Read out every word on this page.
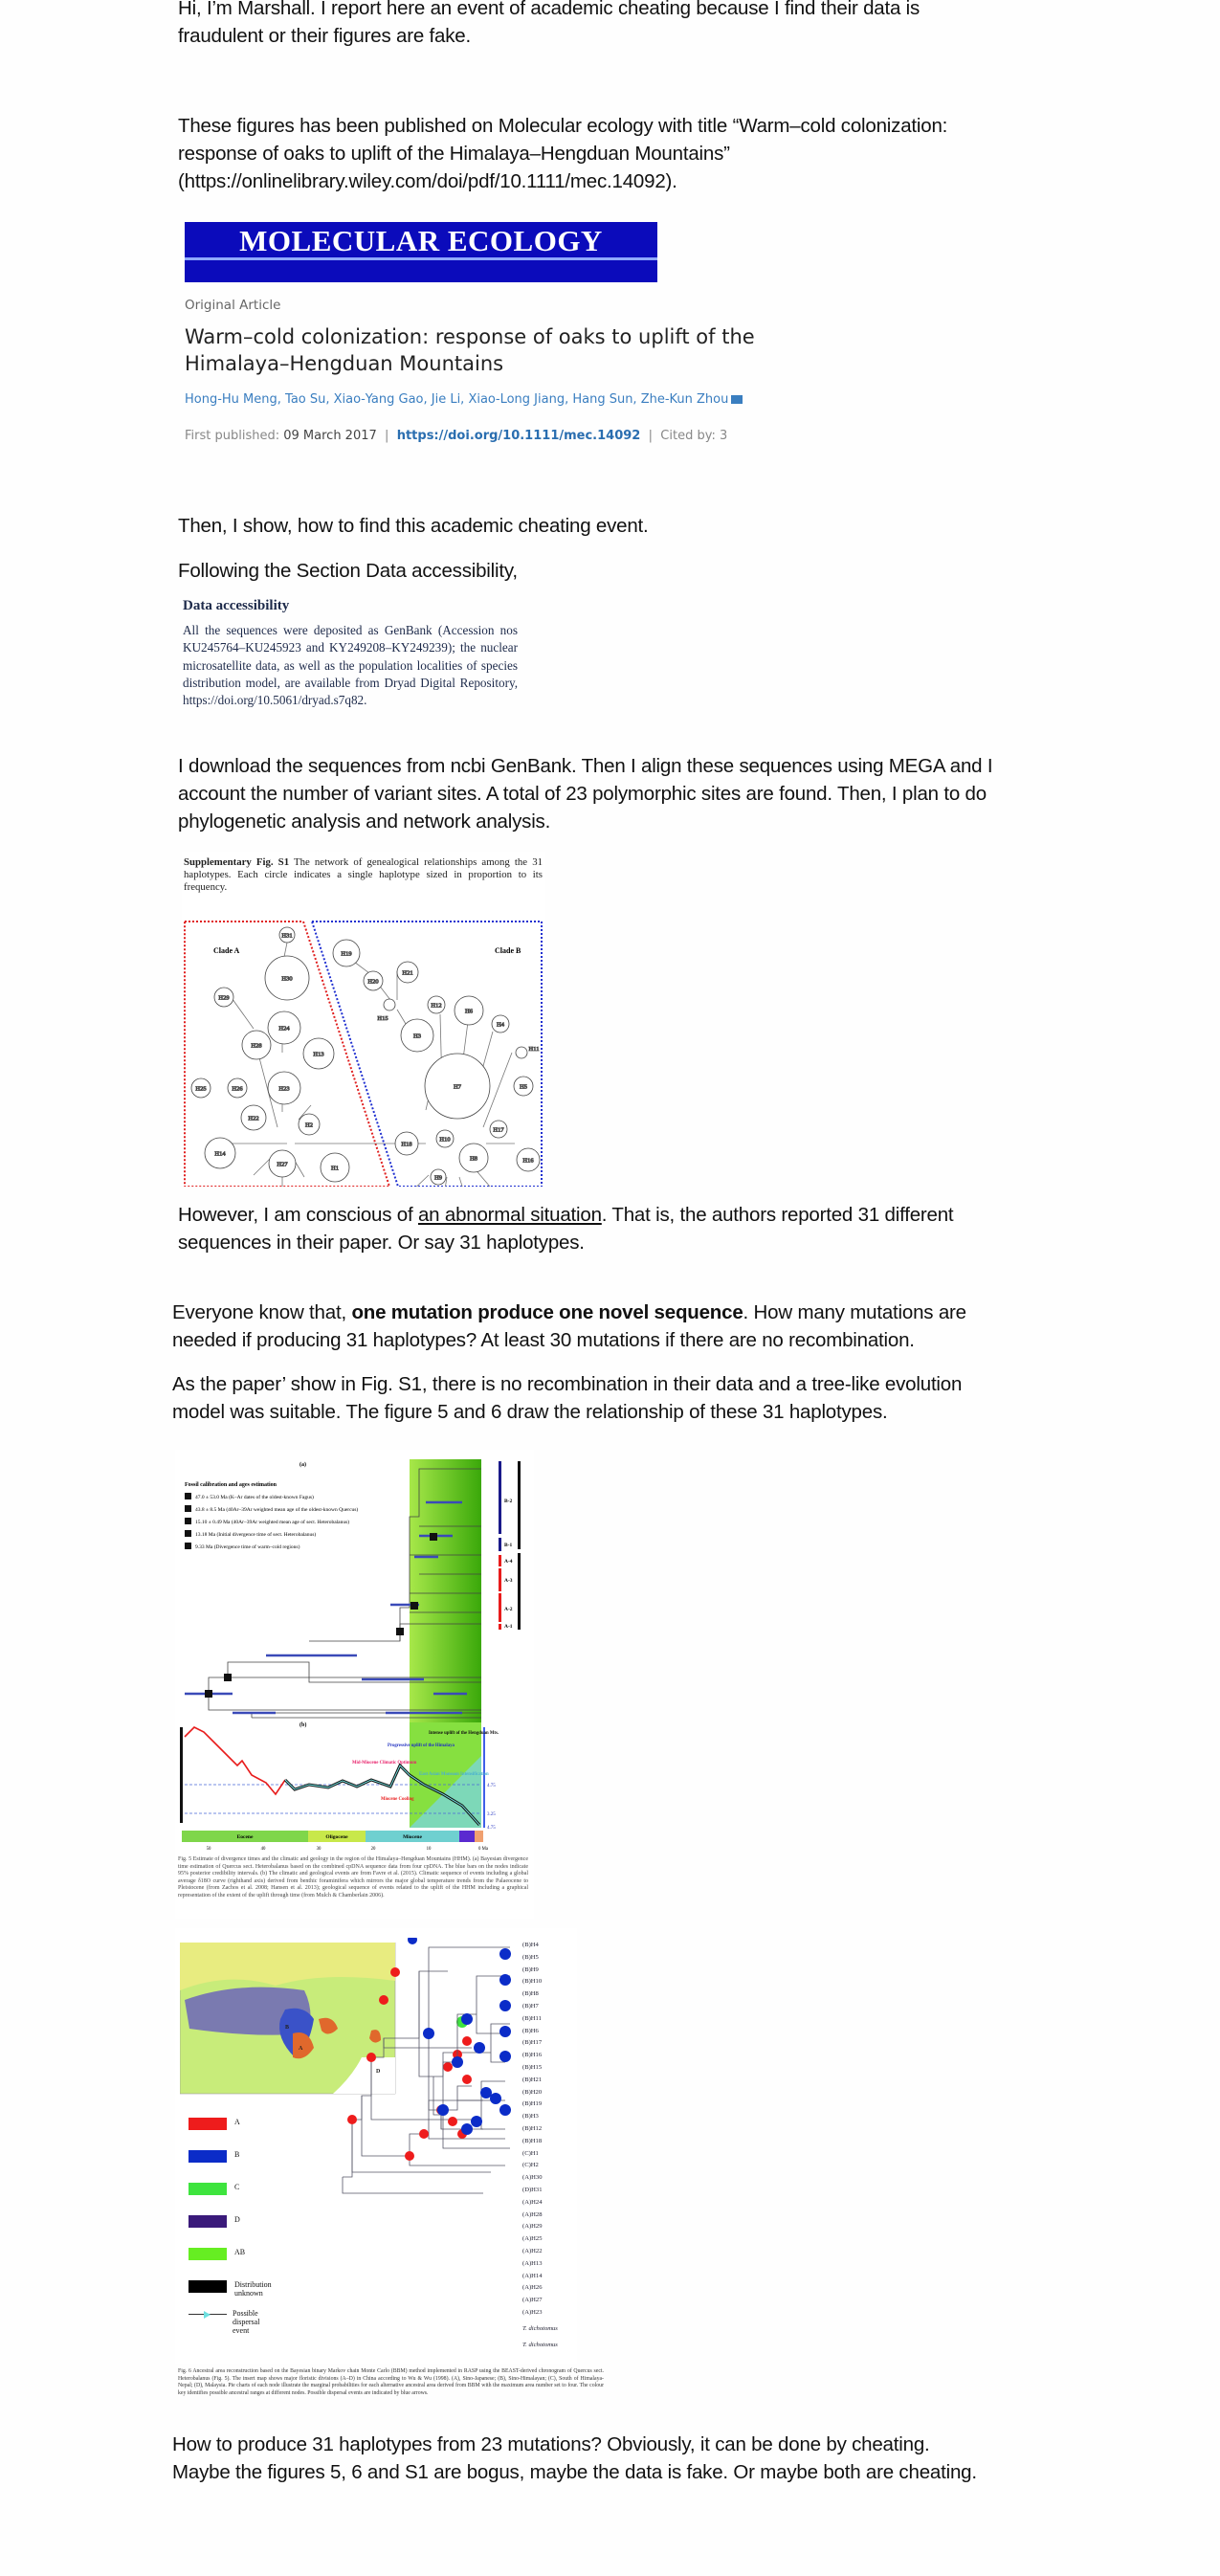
Hi, I’m Marshall. I report here an event of academic cheating because I find their data is
fraudulent or their figures are fake.
These figures has been published on Molecular ecology with title “Warm–cold colonization:
response of oaks to uplift of the Himalaya–Hengduan Mountains”
(https://onlinelibrary.wiley.com/doi/pdf/10.1111/mec.14092).
MOLECULAR ECOLOGY
Original Article
Warm–cold colonization: response of oaks to uplift of the
Himalaya–Hengduan Mountains
Hong‑Hu Meng, Tao Su, Xiao‑Yang Gao, Jie Li, Xiao‑Long Jiang, Hang Sun, Zhe‑Kun Zhou
First published: 09 March 2017  |  https://doi.org/10.1111/mec.14092  |  Cited by: 3
Then, I show, how to find this academic cheating event.
Following the Section Data accessibility,
Data accessibility

All the sequences were deposited as GenBank (Accession nos KU245764–KU245923 and KY249208–KY249239); the nuclear microsatellite data, as well as the population localities of species distribution model, are available from Dryad Digital Repository, https://doi.org/10.5061/dryad.s7q82.

I download the sequences from ncbi GenBank. Then I align these sequences using MEGA and I
account the number of variant sites. A total of 23 polymorphic sites are found. Then, I plan to do
phylogenetic analysis and network analysis.
Supplementary Fig. S1 The network of genealogical relationships among the 31 haplotypes. Each circle indicates a single haplotype sized in proportion to its frequency.
Clade A	Clade B
H31
H30
H29
H24
H28
H13
H25	H26	H23
H22
H2
H14
H27
H1
H19
H21
H20
H15
H12
H6
H4
H3
H11
H7	H5
H17
H18
H10
H8	H16
H9
However, I am conscious of an abnormal situation. That is, the authors reported 31 different
sequences in their paper. Or say 31 haplotypes.
Everyone know that, one mutation produce one novel sequence. How many mutations are
needed if producing 31 haplotypes? At least 30 mutations if there are no recombination.
As the paper’ show in Fig. S1, there is no recombination in their data and a tree-like evolution
model was suitable. The figure 5 and 6 draw the relationship of these 31 haplotypes.
(a)
Fossil calibration and ages estimation
47.0 ± 53.0 Ma (K–Ar dates of the oldest-known Fagus)
43.8 ± 8.5 Ma (40Ar–39Ar weighted mean age of the oldest-known Quercus)
15.10 ± 0.49 Ma (40Ar–39Ar weighted mean age of sect. Heterobalanus)
13.18 Ma (Initial divergence time of sect. Heterobalanus)
9.33 Ma (Divergence time of warm–cold regions)
B-2
B-1
A-4
A-3
A-2
A-1
(b)
Mid-Miocene Climatic Optimum
Progressive uplift of the Himalaya
Intense uplift of the Hengduan Mts.
Miocene Cooling
East Asian Monsoon Intensification
4.75
3.25
4.75
Eocene	Oligocene	Miocene
50	40	30	20	10	0 Ma
Fig. 5 Estimate of divergence times and the climatic and geology in the region of the Himalaya–Hengduan Mountains (HHM). (a) Bayesian divergence time estimation of Quercus sect. Heterobalanus based on the combined cpDNA sequence data from four cpDNA. The blue bars on the nodes indicate 95% posterior credibility intervals. (b) The climatic and geological events are from Favre et al. (2015). Climatic sequence of events including a global average δ18O curve (righthand axis) derived from benthic foraminifera which mirrors the major global temperature trends from the Palaeocene to Pleistocene (from Zachos et al. 2008; Hansen et al. 2013); geological sequence of events related to the uplift of the HHM including a graphical representation of the extent of the uplift through time (from Mulch & Chamberlain 2006).
B
A
D
A
B
C
D
AB
Distribution unknown
Possible dispersal event
(B)H4
(B)H5
(B)H9
(B)H10
(B)H8
(B)H7
(B)H11
(B)H6
(B)H17
(B)H16
(B)H15
(B)H21
(B)H20
(B)H19
(B)H3
(B)H12
(B)H18
(C)H1
(C)H2
(A)H30
(D)H31
(A)H24
(A)H28
(A)H29
(A)H25
(A)H22
(A)H13
(A)H14
(A)H26
(A)H27
(A)H23
T. dichotomus
T. dichotomus
Fig. 6 Ancestral area reconstruction based on the Bayesian binary Markov chain Monte Carlo (BBM) method implemented in RASP using the BEAST-derived chronogram of Quercus sect. Heterobalanus (Fig. 5). The insert map shows major floristic divisions (A–D) in China according to Wu & Wu (1998). (A), Sino-Japanese; (B), Sino-Himalayan; (C), South of Himalaya-Nepal; (D), Malaysia. Pie charts of each node illustrate the marginal probabilities for each alternative ancestral area derived from BBM with the maximum area number set to four. The colour key identifies possible ancestral ranges at different nodes. Possible dispersal events are indicated by blue arrows.
How to produce 31 haplotypes from 23 mutations? Obviously, it can be done by cheating.
Maybe the figures 5, 6 and S1 are bogus, maybe the data is fake. Or maybe both are cheating.
